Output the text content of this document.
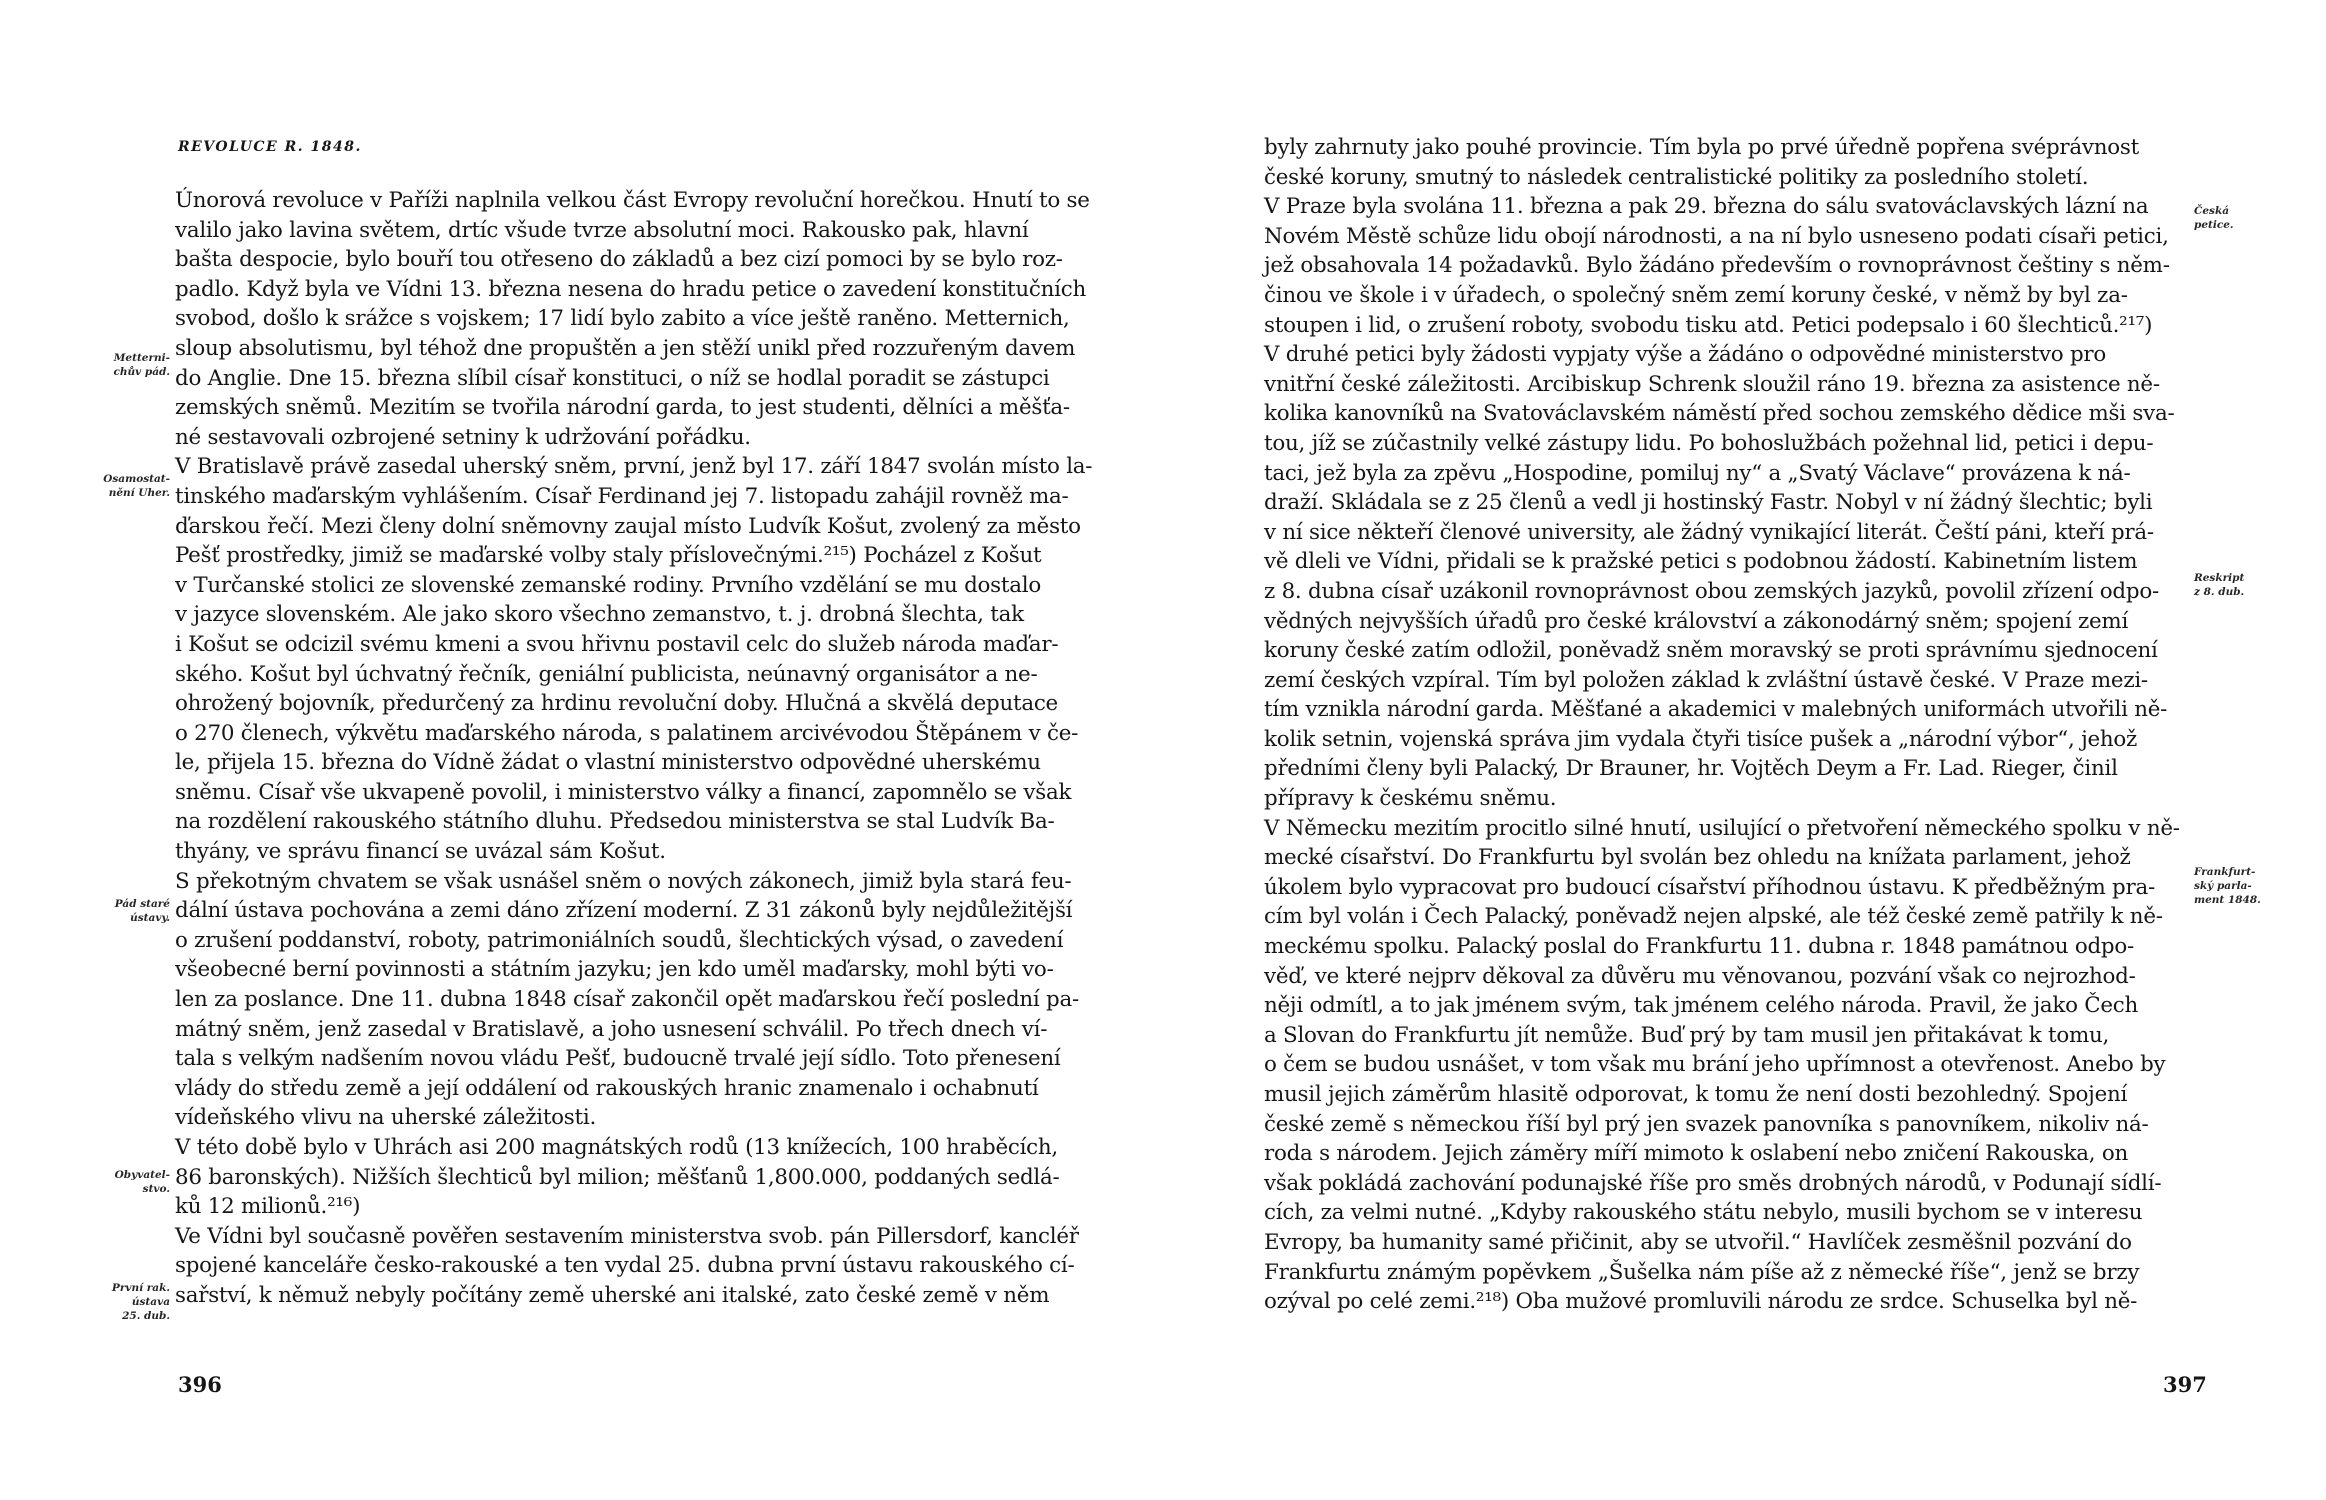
REVOLUCE R. 1848.
Únorová revoluce v Paříži naplnila velkou část Evropy revoluční horečkou. Hnutí to se
valilo jako lavina světem, drtíc všude tvrze absolutní moci. Rakousko pak, hlavní
bašta despocie, bylo bouří tou otřeseno do základů a bez cizí pomoci by se bylo roz-
padlo. Když byla ve Vídni 13. března nesena do hradu petice o zavedení konstitučních
svobod, došlo k srážce s vojskem; 17 lidí bylo zabito a více ještě raněno. Metternich,
sloup absolutismu, byl téhož dne propuštěn a jen stěží unikl před rozzuřeným davem
do Anglie. Dne 15. března slíbil císař konstituci, o níž se hodlal poradit se zástupci
zemských sněmů. Mezitím se tvořila národní garda, to jest studenti, dělníci a měšťa-
né sestavovali ozbrojené setniny k udržování pořádku.
V Bratislavě právě zasedal uherský sněm, první, jenž byl 17. září 1847 svolán místo la-
tinského maďarským vyhlášením. Císař Ferdinand jej 7. listopadu zahájil rovněž ma-
ďarskou řečí. Mezi členy dolní sněmovny zaujal místo Ludvík Košut, zvolený za město
Pešť prostředky, jimiž se maďarské volby staly příslovečnými.²¹⁵) Pocházel z Košut
v Turčanské stolici ze slovenské zemanské rodiny. Prvního vzdělání se mu dostalo
v jazyce slovenském. Ale jako skoro všechno zemanstvo, t. j. drobná šlechta, tak
i Košut se odcizil svému kmeni a svou hřivnu postavil celc do služeb národa maďar-
ského. Košut byl úchvatný řečník, geniální publicista, neúnavný organisátor a ne-
ohrožený bojovník, předurčený za hrdinu revoluční doby. Hlučná a skvělá deputace
o 270 členech, výkvětu maďarského národa, s palatinem arcivévodou Štěpánem v če-
le, přijela 15. března do Vídně žádat o vlastní ministerstvo odpovědné uherskému
sněmu. Císař vše ukvapeně povolil, i ministerstvo války a financí, zapomnělo se však
na rozdělení rakouského státního dluhu. Předsedou ministerstva se stal Ludvík Ba-
thyány, ve správu financí se uvázal sám Košut.
S překotným chvatem se však usnášel sněm o nových zákonech, jimiž byla stará feu-
dální ústava pochována a zemi dáno zřízení moderní. Z 31 zákonů byly nejdůležitější
o zrušení poddanství, roboty, patrimoniálních soudů, šlechtických výsad, o zavedení
všeobecné berní povinnosti a státním jazyku; jen kdo uměl maďarsky, mohl býti vo-
len za poslance. Dne 11. dubna 1848 císař zakončil opět maďarskou řečí poslední pa-
mátný sněm, jenž zasedal v Bratislavě, a joho usnesení schválil. Po třech dnech ví-
tala s velkým nadšením novou vládu Pešť, budoucně trvalé její sídlo. Toto přenesení
vlády do středu země a její oddálení od rakouských hranic znamenalo i ochabnutí
vídeňského vlivu na uherské záležitosti.
V této době bylo v Uhrách asi 200 magnátských rodů (13 knížecích, 100 hraběcích,
86 baronských). Nižších šlechticů byl milion; měšťanů 1,800.000, poddaných sedlá-
ků 12 milionů.²¹⁶)
Ve Vídni byl současně pověřen sestavením ministerstva svob. pán Pillersdorf, kancléř
spojené kanceláře česko-rakouské a ten vydal 25. dubna první ústavu rakouského cí-
sařství, k němuž nebyly počítány země uherské ani italské, zato české země v něm
Metterni-
chův pád.
Osamostat-
nění Uher.
Pád staré
ústavy.
Obyvatel-
stvo.
První rak.
ústava
25. dub.
396
byly zahrnuty jako pouhé provincie. Tím byla po prvé úředně popřena svéprávnost
české koruny, smutný to následek centralistické politiky za posledního století.
V Praze byla svolána 11. března a pak 29. března do sálu svatováclavských lázní na
Novém Městě schůze lidu obojí národnosti, a na ní bylo usneseno podati císaři petici,
jež obsahovala 14 požadavků. Bylo žádáno především o rovnoprávnost češtiny s něm-
činou ve škole i v úřadech, o společný sněm zemí koruny české, v němž by byl za-
stoupen i lid, o zrušení roboty, svobodu tisku atd. Petici podepsalo i 60 šlechticů.²¹⁷)
V druhé petici byly žádosti vypjaty výše a žádáno o odpovědné ministerstvo pro
vnitřní české záležitosti. Arcibiskup Schrenk sloužil ráno 19. března za asistence ně-
kolika kanovníků na Svatováclavském náměstí před sochou zemského dědice mši sva-
tou, jíž se zúčastnily velké zástupy lidu. Po bohoslužbách požehnal lid, petici i depu-
taci, jež byla za zpěvu „Hospodine, pomiluj ny“ a „Svatý Václave“ provázena k ná-
draží. Skládala se z 25 členů a vedl ji hostinský Fastr. Nobyl v ní žádný šlechtic; byli
v ní sice někteří členové university, ale žádný vynikající literát. Čeští páni, kteří prá-
vě dleli ve Vídni, přidali se k pražské petici s podobnou žádostí. Kabinetním listem
z 8. dubna císař uzákonil rovnoprávnost obou zemských jazyků, povolil zřízení odpo-
vědných nejvyšších úřadů pro české království a zákonodárný sněm; spojení zemí
koruny české zatím odložil, poněvadž sněm moravský se proti správnímu sjednocení
zemí českých vzpíral. Tím byl položen základ k zvláštní ústavě české. V Praze mezi-
tím vznikla národní garda. Měšťané a akademici v malebných uniformách utvořili ně-
kolik setnin, vojenská správa jim vydala čtyři tisíce pušek a „národní výbor“, jehož
předními členy byli Palacký, Dr Brauner, hr. Vojtěch Deym a Fr. Lad. Rieger, činil
přípravy k českému sněmu.
V Německu mezitím procitlo silné hnutí, usilující o přetvoření německého spolku v ně-
mecké císařství. Do Frankfurtu byl svolán bez ohledu na knížata parlament, jehož
úkolem bylo vypracovat pro budoucí císařství příhodnou ústavu. K předběžným pra-
cím byl volán i Čech Palacký, poněvadž nejen alpské, ale též české země patřily k ně-
meckému spolku. Palacký poslal do Frankfurtu 11. dubna r. 1848 památnou odpo-
věď, ve které nejprv děkoval za důvěru mu věnovanou, pozvání však co nejrozhod-
něji odmítl, a to jak jménem svým, tak jménem celého národa. Pravil, že jako Čech
a Slovan do Frankfurtu jít nemůže. Buď prý by tam musil jen přitakávat k tomu,
o čem se budou usnášet, v tom však mu brání jeho upřímnost a otevřenost. Anebo by
musil jejich záměrům hlasitě odporovat, k tomu že není dosti bezohledný. Spojení
české země s německou říší byl prý jen svazek panovníka s panovníkem, nikoliv ná-
roda s národem. Jejich záměry míří mimoto k oslabení nebo zničení Rakouska, on
však pokládá zachování podunajské říše pro směs drobných národů, v Podunají sídlí-
cích, za velmi nutné. „Kdyby rakouského státu nebylo, musili bychom se v interesu
Evropy, ba humanity samé přičinit, aby se utvořil.“ Havlíček zesměšnil pozvání do
Frankfurtu známým popěvkem „Šušelka nám píše až z německé říše“, jenž se brzy
ozýval po celé zemi.²¹⁸) Oba mužové promluvili národu ze srdce. Schuselka byl ně-
Česká
petice.
Reskript
z 8. dub.
Frankfurt-
ský parla-
ment 1848.
397
